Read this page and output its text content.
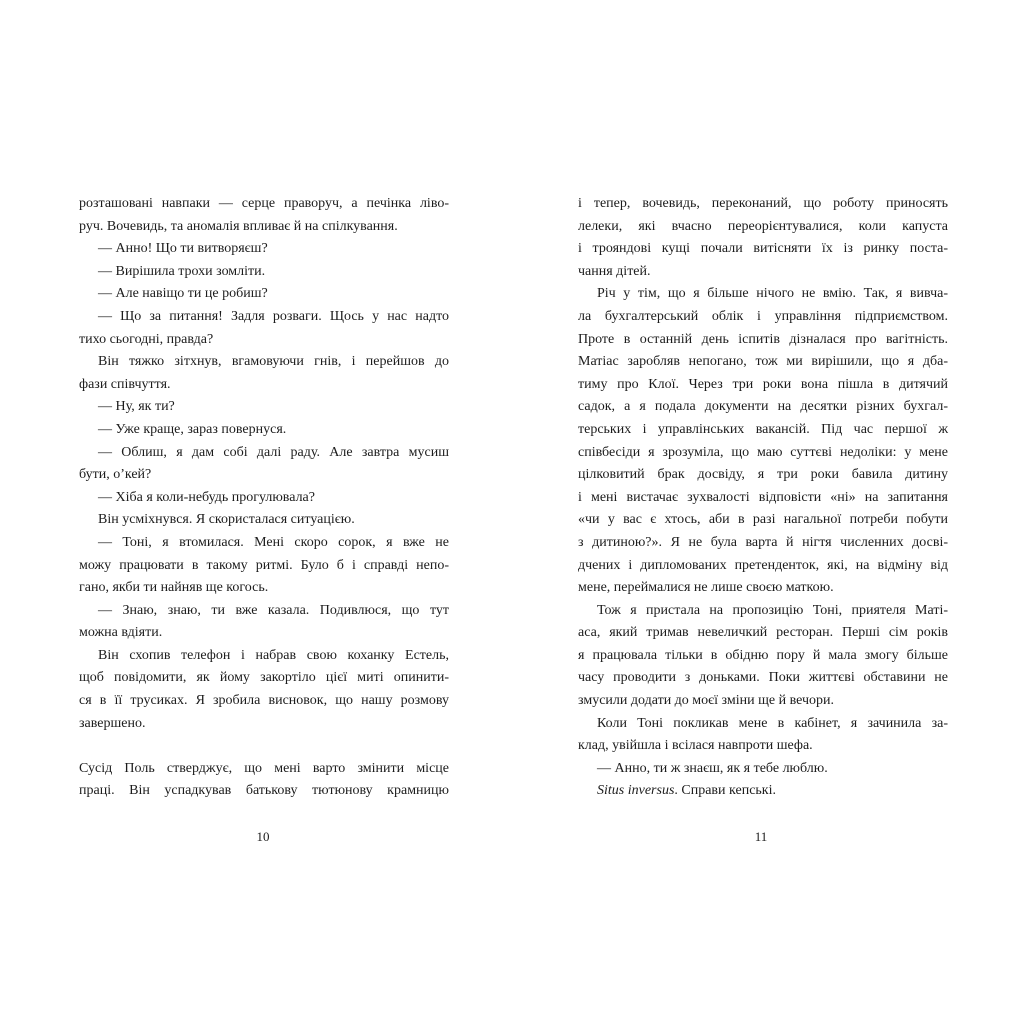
розташовані навпаки — серце праворуч, а печінка ліво-
руч. Вочевидь, та аномалія впливає й на спілкування.
— Анно! Що ти витворяєш?
— Вирішила трохи зомліти.
— Але навіщо ти це робиш?
— Що за питання! Задля розваги. Щось у нас надто
тихо сьогодні, правда?
Він тяжко зітхнув, вгамовуючи гнів, і перейшов до
фази співчуття.
— Ну, як ти?
— Уже краще, зараз повернуся.
— Облиш, я дам собі далі раду. Але завтра мусиш
бути, о’кей?
— Хіба я коли-небудь прогулювала?
Він усміхнувся. Я скористалася ситуацією.
— Тоні, я втомилася. Мені скоро сорок, я вже не
можу працювати в такому ритмі. Було б і справді непо-
гано, якби ти найняв ще когось.
— Знаю, знаю, ти вже казала. Подивлюся, що тут
можна вдіяти.
Він схопив телефон і набрав свою коханку Естель,
щоб повідомити, як йому закортіло цієї миті опинити-
ся в її трусиках. Я зробила висновок, що нашу розмову
завершено.
Сусід Поль стверджує, що мені варто змінити місце
праці. Він успадкував батькову тютюнову крамницю
10
і тепер, вочевидь, переконаний, що роботу приносять
лелеки, які вчасно переорієнтувалися, коли капуста
і трояндові кущі почали витісняти їх із ринку поста-
чання дітей.
Річ у тім, що я більше нічого не вмію. Так, я вивча-
ла бухгалтерський облік і управління підприємством.
Проте в останній день іспитів дізналася про вагітність.
Матіас заробляв непогано, тож ми вирішили, що я дба-
тиму про Клої. Через три роки вона пішла в дитячий
садок, а я подала документи на десятки різних бухгал-
терських і управлінських вакансій. Під час першої ж
співбесіди я зрозуміла, що маю суттєві недоліки: у мене
цілковитий брак досвіду, я три роки бавила дитину
і мені вистачає зухвалості відповісти «ні» на запитання
«чи у вас є хтось, аби в разі нагальної потреби побути
з дитиною?». Я не була варта й нігтя численних досві-
дчених і дипломованих претенденток, які, на відміну від
мене, переймалися не лише своєю маткою.
Тож я пристала на пропозицію Тоні, приятеля Маті-
аса, який тримав невеличкий ресторан. Перші сім років
я працювала тільки в обідню пору й мала змогу більше
часу проводити з доньками. Поки життєві обставини не
змусили додати до моєї зміни ще й вечори.
Коли Тоні покликав мене в кабінет, я зачинила за-
клад, увійшла і всілася навпроти шефа.
— Анно, ти ж знаєш, як я тебе люблю.
Situs inversus. Справи кепські.
11
